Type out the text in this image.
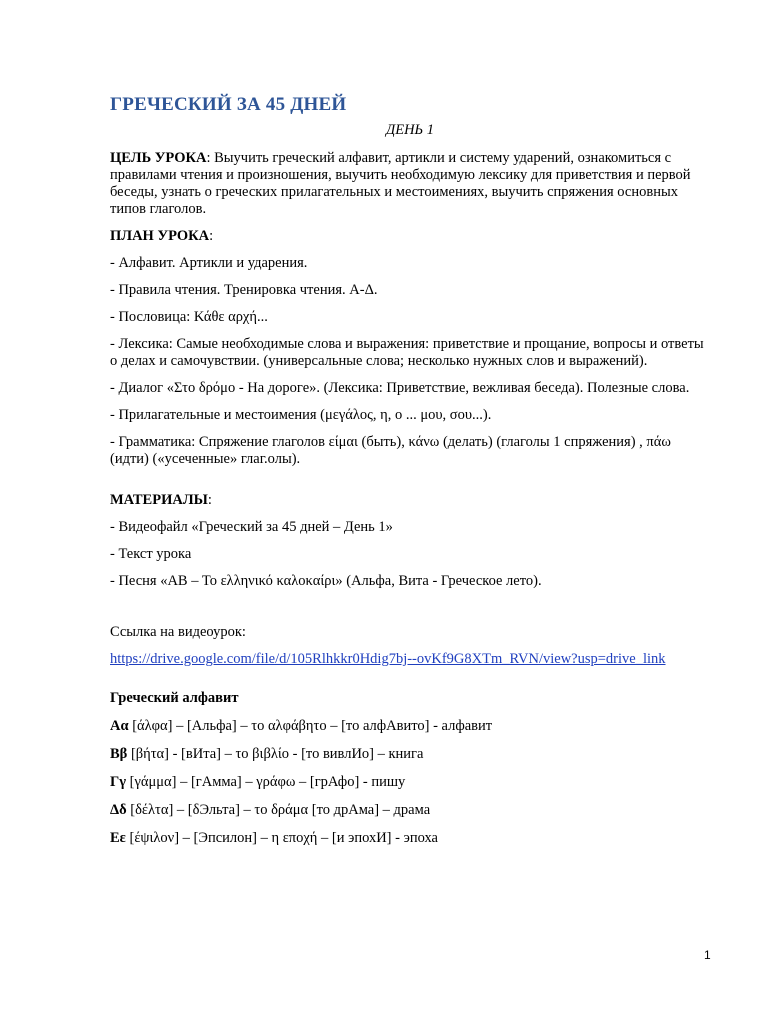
ГРЕЧЕСКИЙ ЗА 45 ДНЕЙ

ДЕНЬ 1

ЦЕЛЬ УРОКА: Выучить греческий алфавит, артикли и систему ударений, ознакомиться с правилами чтения и произношения, выучить необходимую лексику для приветствия и первой беседы, узнать о греческих прилагательных и местоимениях, выучить спряжения основных типов глаголов.

ПЛАН УРОКА:

- Алфавит. Артикли и ударения.

- Правила чтения. Тренировка чтения. Α-Δ.

- Пословица: Κάθε αρχή...

- Лексика: Самые необходимые слова и выражения: приветствие и прощание, вопросы и ответы о делах и самочувствии. (универсальные слова; несколько нужных слов и выражений).

- Диалог «Στο δρόμο - На дороге». (Лексика: Приветствие, вежливая беседа). Полезные слова.

- Прилагательные и местоимения (μεγάλος, η, ο ... μου, σου...).

- Грамматика: Спряжение глаголов είμαι (быть), κάνω (делать) (глаголы 1 спряжения) , πάω (идти) («усеченные» глаг.олы).

МАТЕРИАЛЫ:

- Видеофайл «Греческий за 45 дней – День 1»

- Текст урока

- Песня «ΑΒ – Το ελληνικό καλοκαίρι» (Альфа, Вита - Греческое лето).

Ссылка на видеоурок:

https://drive.google.com/file/d/105Rlhkkr0Hdig7bj--ovKf9G8XTm_RVN/view?usp=drive_link

Греческий алфавит

Αα [άλφα] – [Альфа] – το αλφάβητο – [то алфАвито] - алфавит

Ββ [βήτα] - [вИта] – το βιβλίο - [то вивлИо] – книга

Γγ [γάμμα] – [гАмма] – γράφω – [грАфо] - пишу

Δδ [δέλτα] – [δЭльта] – το δράμα [то дрАма] – драма

Εε [έψιλον] – [Эпсилон] – η εποχή – [и эпохИ] - эпоха

1
